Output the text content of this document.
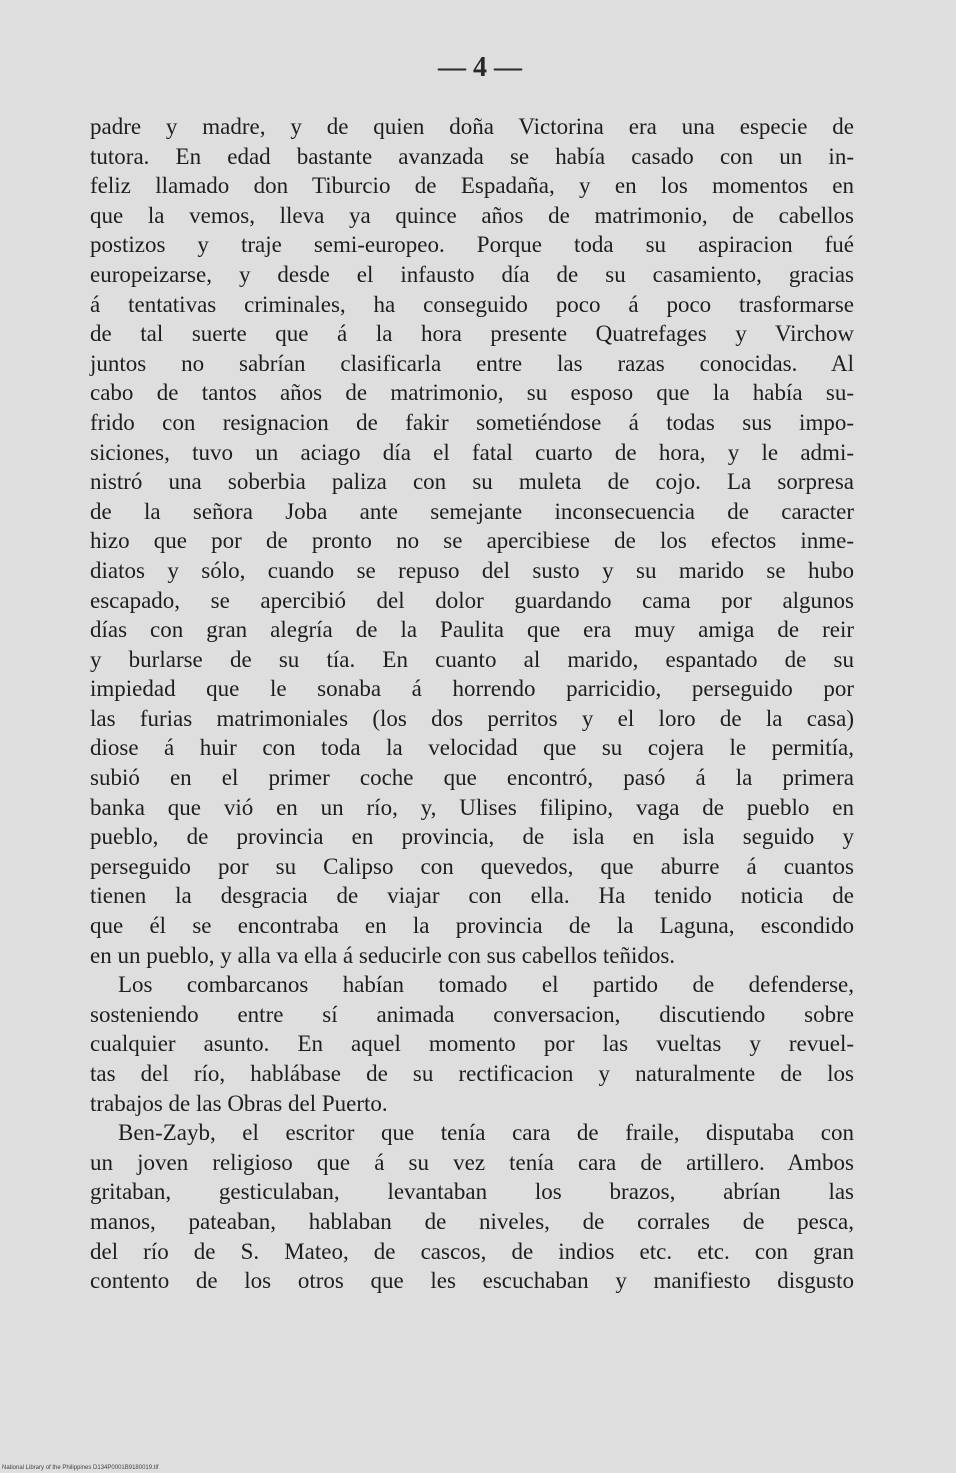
— 4 —
padre y madre, y de quien doña Victorina era una especie de
tutora. En edad bastante avanzada se había casado con un in-
feliz llamado don Tiburcio de Espadaña, y en los momentos en
que la vemos, lleva ya quince años de matrimonio, de cabellos
postizos y traje semi-europeo. Porque toda su aspiracion fué
europeizarse, y desde el infausto día de su casamiento, gracias
á tentativas criminales, ha conseguido poco á poco trasformarse
de tal suerte que á la hora presente Quatrefages y Virchow
juntos no sabrían clasificarla entre las razas conocidas. Al
cabo de tantos años de matrimonio, su esposo que la había su-
frido con resignacion de fakir sometiéndose á todas sus impo-
siciones, tuvo un aciago día el fatal cuarto de hora, y le admi-
nistró una soberbia paliza con su muleta de cojo. La sorpresa
de la señora Joba ante semejante inconsecuencia de caracter
hizo que por de pronto no se apercibiese de los efectos inme-
diatos y sólo, cuando se repuso del susto y su marido se hubo
escapado, se apercibió del dolor guardando cama por algunos
días con gran alegría de la Paulita que era muy amiga de reir
y burlarse de su tía. En cuanto al marido, espantado de su
impiedad que le sonaba á horrendo parricidio, perseguido por
las furias matrimoniales (los dos perritos y el loro de la casa)
diose á huir con toda la velocidad que su cojera le permitía,
subió en el primer coche que encontró, pasó á la primera
banka que vió en un río, y, Ulises filipino, vaga de pueblo en
pueblo, de provincia en provincia, de isla en isla seguido y
perseguido por su Calipso con quevedos, que aburre á cuantos
tienen la desgracia de viajar con ella. Ha tenido noticia de
que él se encontraba en la provincia de la Laguna, escondido
en un pueblo, y alla va ella á seducirle con sus cabellos teñidos.
Los combarcanos habían tomado el partido de defenderse,
sosteniendo entre sí animada conversacion, discutiendo sobre
cualquier asunto. En aquel momento por las vueltas y revuel-
tas del río, hablábase de su rectificacion y naturalmente de los
trabajos de las Obras del Puerto.
Ben-Zayb, el escritor que tenía cara de fraile, disputaba con
un joven religioso que á su vez tenía cara de artillero. Ambos
gritaban, gesticulaban, levantaban los brazos, abrían las
manos, pateaban, hablaban de niveles, de corrales de pesca,
del río de S. Mateo, de cascos, de indios etc. etc. con gran
contento de los otros que les escuchaban y manifiesto disgusto
National Library of the Philippines D134P0001B9180019.tif
